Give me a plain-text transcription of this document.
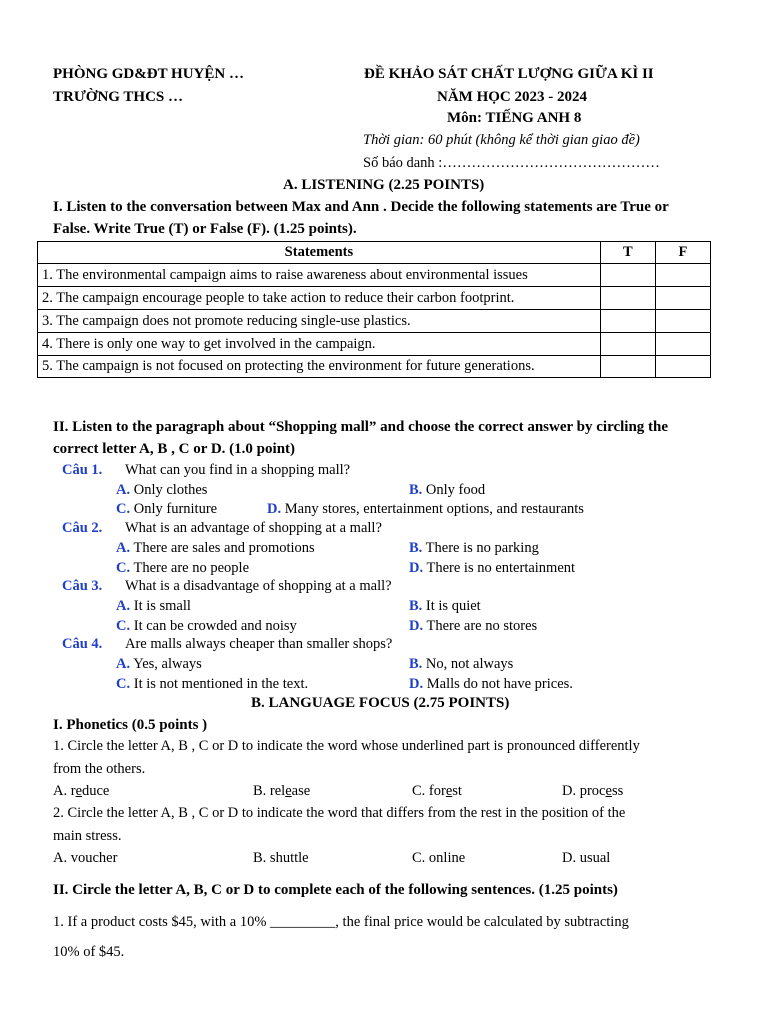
PHÒNG GD&ĐT HUYỆN …
TRƯỜNG THCS …
ĐỀ KHẢO SÁT CHẤT LƯỢNG GIỮA KÌ II
NĂM HỌC 2023 - 2024
Môn: TIẾNG ANH 8
Thời gian: 60 phút (không kể thời gian giao đề)
Số báo danh :………………………………………
A. LISTENING (2.25 POINTS)
I. Listen to the conversation between Max and Ann . Decide the following statements are True or
False. Write True (T) or False (F). (1.25 points).
Statements	T	F
1. The environmental campaign aims to raise awareness about environmental issues		
2. The campaign encourage people to take action to reduce their carbon footprint.		
3. The campaign does not promote reducing single-use plastics.		
4. There is only one way to get involved in the campaign.		
5. The campaign is not focused on protecting the environment for future generations.		
II. Listen to the paragraph about “Shopping mall” and choose the correct answer by circling the
correct letter A, B , C or D. (1.0 point)
Câu 1. What can you find in a shopping mall?
A. Only clothes	B. Only food
C. Only furniture	D. Many stores, entertainment options, and restaurants
Câu 2. What is an advantage of shopping at a mall?
A. There are sales and promotions	B. There is no parking
C. There are no people	D. There is no entertainment
Câu 3. What is a disadvantage of shopping at a mall?
A. It is small	B. It is quiet
C. It can be crowded and noisy	D. There are no stores
Câu 4. Are malls always cheaper than smaller shops?
A. Yes, always	B. No, not always
C. It is not mentioned in the text.	D. Malls do not have prices.
B. LANGUAGE FOCUS (2.75 POINTS)
I. Phonetics (0.5 points )
1. Circle the letter A, B , C or D to indicate the word whose underlined part is pronounced differently
from the others.
A. reduce	B. release	C. forest	D. process
2. Circle the letter A, B , C or D to indicate the word that differs from the rest in the position of the
main stress.
A. voucher	B. shuttle	C. online	D. usual
II. Circle the letter A, B, C or D to complete each of the following sentences. (1.25 points)
1. If a product costs $45, with a 10% _________, the final price would be calculated by subtracting
10% of $45.
